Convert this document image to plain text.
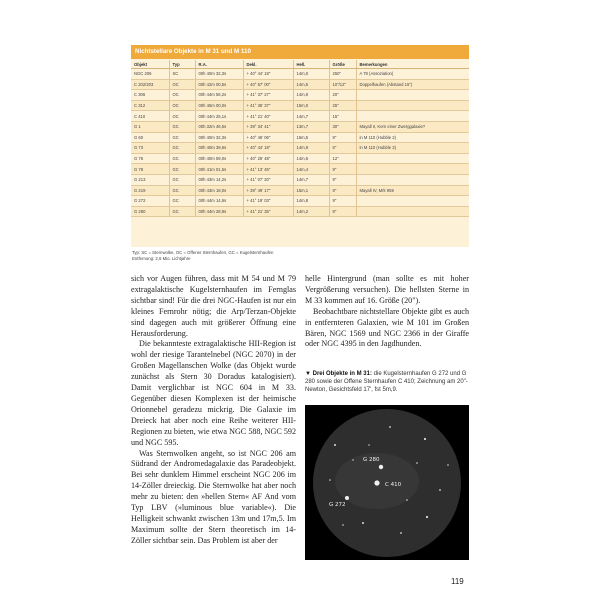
Nichtstellare Objekte in M 31 und M 110
Objekt	Typ	R.A.	Dekl.	Hell.	Größe	Bemerkungen
NGC 206	SC	00h 40m 32,3s	+ 40° 44' 18"	14m,0	250"	A 78 (Assoziation)
C 202/203	OC	00h 42m 00,5s	+ 40° 57' 00"	14m,5	10"/12"	Doppelhaufen (Abstand 15")
C 306	OC	00h 44m 56,2s	+ 41° 37' 27"	14m,9	20"	
C 312	OC	00h 45m 00,0s	+ 41° 36' 37"	15m,0	25"	
C 410	OC	00h 44m 25,1s	+ 41° 21' 40"	14m,7	15"	
G 1	GC	00h 32m 46,5s	+ 39° 34' 41"	13m,7	30"	Mayall II, Kern einer Zwerggalaxie?
G 60	GC	00h 40m 32,3s	+ 40° 46' 06"	15m,5	8"	in M 110 (Hubble 2)
G 73	GC	00h 40m 39,6s	+ 40° 44' 18"	14m,9	6"	in M 110 (Hubble 3)
G 76	GC	00h 40m 59,0s	+ 40° 26' 48"	14m,5	12"	
G 78	GC	00h 41m 01,5s	+ 41° 13' 45"	14m,4	9"	
G 213	GC	00h 43m 14,2s	+ 41° 07' 20"	14m,7	9"	
G 219	GC	00h 43m 18,0s	+ 39° 49' 17"	15m,1	9"	Mayall IV, Mrk 959
G 272	GC	00h 44m 14,6s	+ 41° 19' 03"	14m,8	9"	
G 280	GC	00h 44m 28,9s	+ 41° 21' 35"	14m,2	9"	
Typ: SC = Sternwolke, OC = Offener Sternhaufen, GC = Kugelsternhaufen
Entfernung: 2,6 Mio. Lichtjahre

sich vor Augen führen, dass mit M 54 und M 79 extragalaktische Kugelsternhaufen im Fernglas sichtbar sind! Für die drei NGC-Haufen ist nur ein kleines Fernrohr nötig; die Arp/Terzan-Objekte sind dagegen auch mit größerer Öffnung eine Herausforderung.

Die bekannteste extragalaktische HII-Region ist wohl der riesige Tarantelnebel (NGC 2070) in der Großen Magellanschen Wolke (das Objekt wurde zunächst als Stern 30 Doradus katalogisiert). Damit verglichbar ist NGC 604 in M 33. Gegenüber diesen Komplexen ist der heimische Orionnebel geradezu mickrig. Die Galaxie im Dreieck hat aber noch eine Reihe weiterer HII-Regionen zu bieten, wie etwa NGC 588, NGC 592 und NGC 595.

Was Sternwolken angeht, so ist NGC 206 am Südrand der Andromedagalaxie das Paradeobjekt. Bei sehr dunklem Himmel erscheint NGC 206 im 14-Zöller dreieckig. Die Sternwolke hat aber noch mehr zu bieten: den »hellen Stern« AF And vom Typ LBV (»luminous blue variable«). Die Helligkeit schwankt zwischen 13m und 17m,5. Im Maximum sollte der Stern theoretisch im 14-Zöller sichtbar sein. Das Problem ist aber der

helle Hintergrund (man sollte es mit hoher Vergrößerung versuchen). Die hellsten Sterne in M 33 kommen auf 16. Größe (20").

Beobachtbare nichtstellare Objekte gibt es auch in entfernteren Galaxien, wie M 101 im Großen Bären, NGC 1569 und NGC 2366 in der Giraffe oder NGC 4395 in den Jagdhunden.

▼ Drei Objekte in M 31: die Kugelsternhaufen G 272 und G 280 sowie der Offene Sternhaufen C 410; Zeichnung am 20"-Newton, Gesichtsfeld 17', fst 5m,9.
G 280
C 410
G 272
119
